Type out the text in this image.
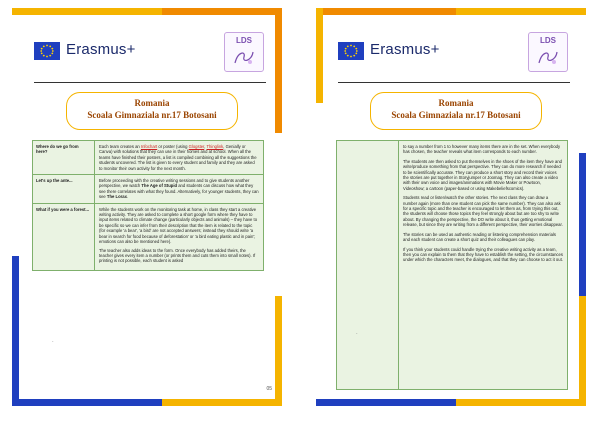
Erasmus+
LDS
Romania
Scoala Gimnaziala nr.17 Botosani
Where do we go from here?
Each team creates an Infochart or poster (using Glogster, Thinglink, Genially or Canva) with solutions that they can use in their homes and at school. When all the teams have finished their posters, a list is compiled combining all the suggestions the students uncovered. The list is given to every student and family and they are asked to monitor their own activity for the next month.
Let's up the ante...	Before proceeding with the creative writing sessions and to give students another perspective, we watch The Age of Stupid and students can discuss how what they see there correlates with what they found. Alternatively, for younger students, they can see The Lorax.
What if you were a forest...	While the students work on the monitoring task at home, in class they start a creative writing activity. They are asked to complete a short google form where they have to input items related to climate change (particularly objects and animals) – they have to be specific so we can infer from their description that the item is related to the topic (for example 'a bear', 'a bird' are not accepted answers; instead they should write 'a bear in search for food because of deforestation' or 'a bird eating plastic and in pain'; emotions can also be mentioned here).

The teacher also adds ideas to the form. Once everybody has added theirs, the teacher gives every item a number (or prints them and cuts them into small notes). If printing is not possible, each student is asked

.
05
Erasmus+
LDS
Romania
Scoala Gimnaziala nr.17 Botosani

to say a number from 1 to however many items there are in the set. When everybody has chosen, the teacher reveals what item corresponds to each number.

The students are then asked to put themselves in the shoes of the item they have and write/produce something from that perspective. They can do more research if needed to be scientifically accurate. They can produce a short story and record their voices the stories are put together in Storyjumper or Joomag. They can also create a video with their own voice and images/animations with Movie Maker or Powtoon, Videoshow; a cartoon (paper-based or using Makebeliefscomics).

Students read or listen/watch the other stories. The next class they can draw a number again (more than one student can pick the same number). They can also ask for a specific topic and the teacher is encouraged to let them as, from trying this out, the students will choose those topics they feel strongly about but are too shy to write about. By changing the perspective, the DO write about it, thus getting emotional release, but since they are writing from a different perspective, their worries disappear.

The stories can be used as authentic reading or listening comprehension materials and each student can create a short quiz and their colleagues can play.

If you think your students could handle trying the creative writing activity as a team, then you can explain to them that they have to establish the setting, the circumstances under which the characters meet, the dialogues, and that they can choose to act it out.

.
